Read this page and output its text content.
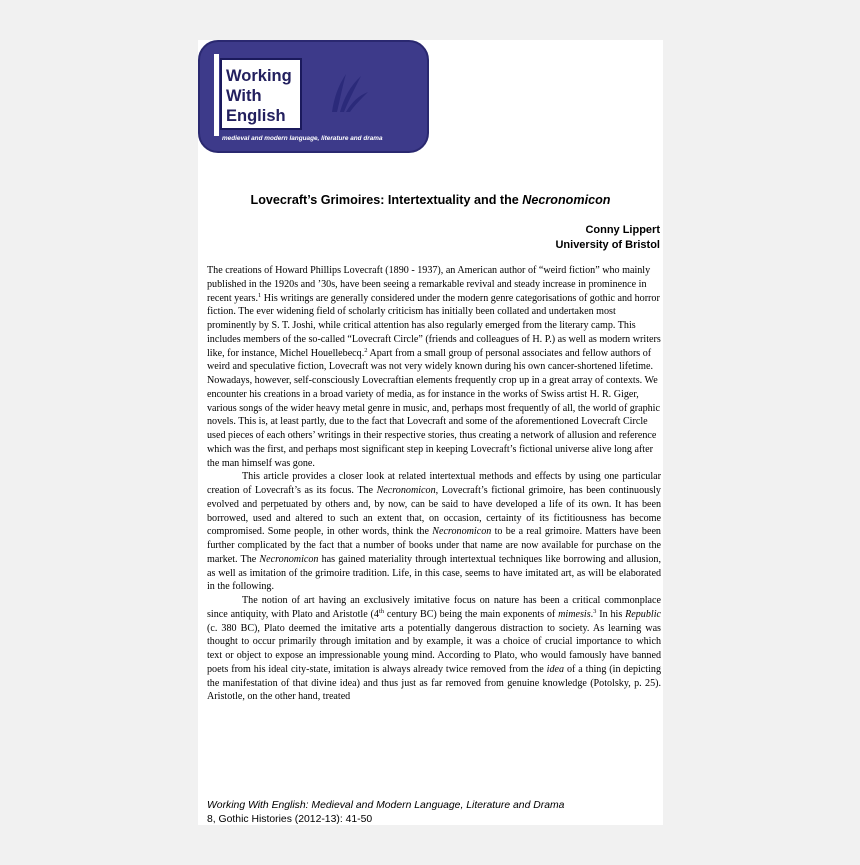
Working
With
English
medieval and modern language, literature and drama
Lovecraft’s Grimoires: Intertextuality and the Necronomicon
Conny Lippert
University of Bristol

The creations of Howard Phillips Lovecraft (1890 - 1937), an American author of “weird fiction” who mainly published in the 1920s and ’30s, have been seeing a remarkable revival and steady increase in prominence in recent years.$^1$ His writings are generally considered under the modern genre categorisations of gothic and horror fiction. The ever widening field of scholarly criticism has initially been collated and undertaken most prominently by S. T. Joshi, while critical attention has also regularly emerged from the literary camp. This includes members of the so-called “Lovecraft Circle” (friends and colleagues of H. P.) as well as modern writers like, for instance, Michel Houellebecq.$^2$ Apart from a small group of personal associates and fellow authors of weird and speculative fiction, Lovecraft was not very widely known during his own cancer-shortened lifetime. Nowadays, however, self-consciously Lovecraftian elements frequently crop up in a great array of contexts. We encounter his creations in a broad variety of media, as for instance in the works of Swiss artist H. R. Giger, various songs of the wider heavy metal genre in music, and, perhaps most frequently of all, the world of graphic novels. This is, at least partly, due to the fact that Lovecraft and some of the aforementioned Lovecraft Circle used pieces of each others’ writings in their respective stories, thus creating a network of allusion and reference which was the first, and perhaps most significant step in keeping Lovecraft’s fictional universe alive long after the man himself was gone.

This article provides a closer look at related intertextual methods and effects by using one particular creation of Lovecraft’s as its focus. The Necronomicon, Lovecraft’s fictional grimoire, has been continuously evolved and perpetuated by others and, by now, can be said to have developed a life of its own. It has been borrowed, used and altered to such an extent that, on occasion, certainty of its fictitiousness has become compromised. Some people, in other words, think the Necronomicon to be a real grimoire. Matters have been further complicated by the fact that a number of books under that name are now available for purchase on the market. The Necronomicon has gained materiality through intertextual techniques like borrowing and allusion, as well as imitation of the grimoire tradition. Life, in this case, seems to have imitated art, as will be elaborated in the following.

The notion of art having an exclusively imitative focus on nature has been a critical commonplace since antiquity, with Plato and Aristotle (4th century BC) being the main exponents of mimesis.$^3$ In his Republic (c. 380 BC), Plato deemed the imitative arts a potentially dangerous distraction to society. As learning was thought to occur primarily through imitation and by example, it was a choice of crucial importance to which text or object to expose an impressionable young mind. According to Plato, who would famously have banned poets from his ideal city-state, imitation is always already twice removed from the idea of a thing (in depicting the manifestation of that divine idea) and thus just as far removed from genuine knowledge (Potolsky, p. 25). Aristotle, on the other hand, treated

Working With English: Medieval and Modern Language, Literature and Drama
8, Gothic Histories (2012-13): 41-50
